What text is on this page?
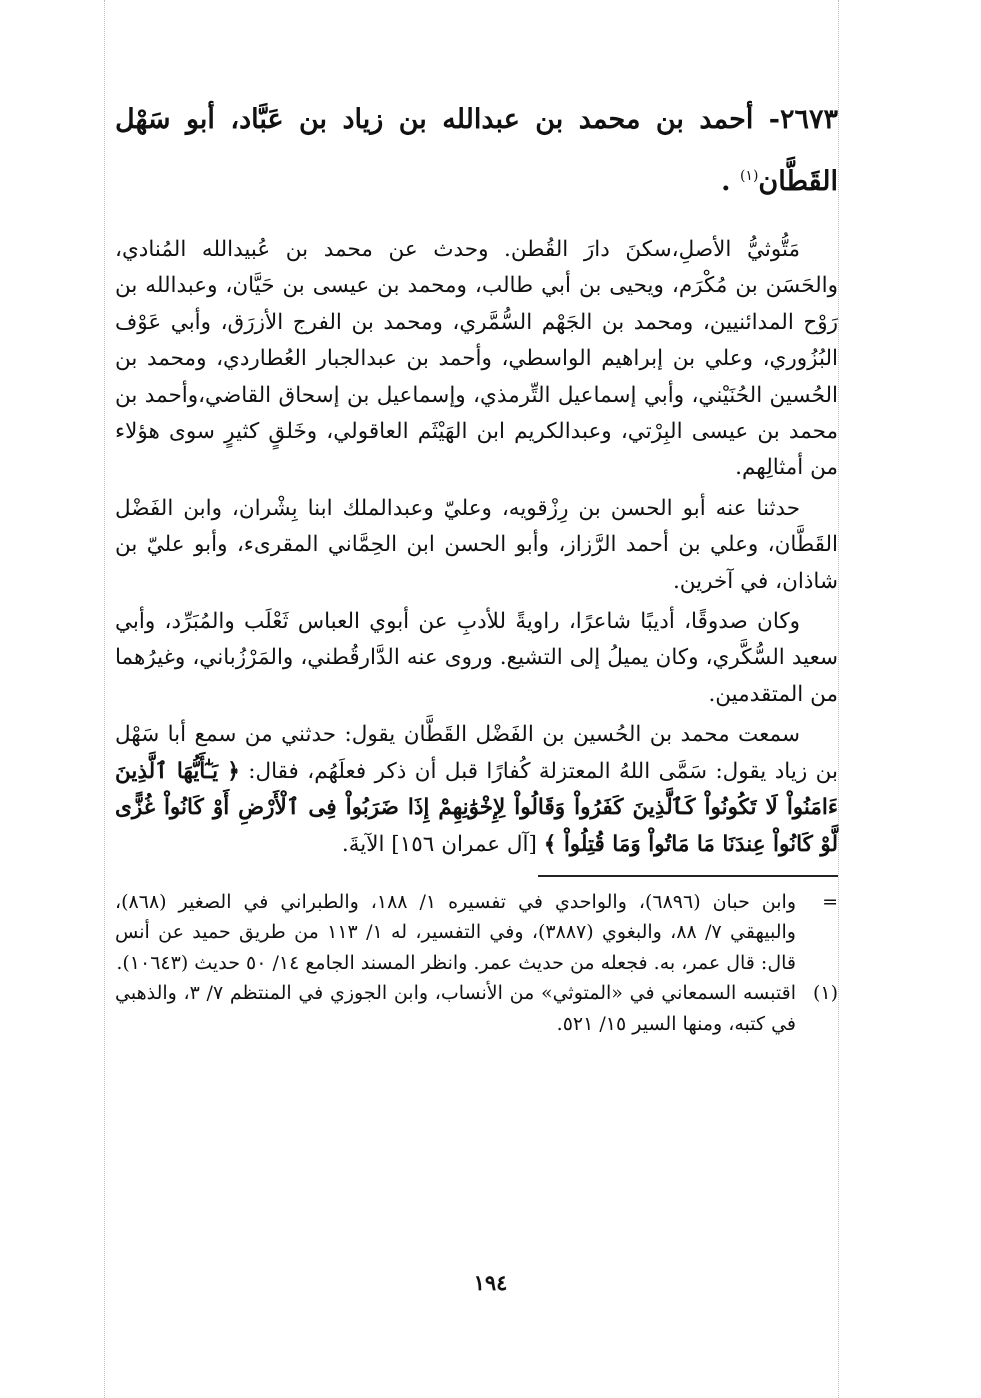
٢٦٧٣- أحمد بن محمد بن عبدالله بن زياد بن عَبَّاد، أبو سَهْل القَطَّان$^{(١)}$ .

مَتُّوثيُّ الأصلِ،سكنَ دارَ القُطن. وحدث عن محمد بن عُبيدالله المُنادي، والحَسَن بن مُكْرَم، ويحيى بن أبي طالب، ومحمد بن عيسى بن حَيَّان، وعبدالله بن رَوْح المدائنيين، ومحمد بن الجَهْم السُّمَّري، ومحمد بن الفرج الأزرَق، وأبي عَوْف البُزُوري، وعلي بن إبراهيم الواسطي، وأحمد بن عبدالجبار العُطاردي، ومحمد بن الحُسين الحُنَيْني، وأبي إسماعيل التِّرمذي، وإسماعيل بن إسحاق القاضي،وأحمد بن محمد بن عيسى البِرْتي، وعبدالكريم ابن الهَيْثَم العاقولي، وخَلقٍ كثيرٍ سوى هؤلاء من أمثالِهم.

حدثنا عنه أبو الحسن بن رِزْقويه، وعليّ وعبدالملك ابنا بِشْران، وابن الفَضْل القَطَّان، وعلي بن أحمد الرَّزاز، وأبو الحسن ابن الحِمَّاني المقرىء، وأبو عليّ بن شاذان، في آخرين.

وكان صدوقًا، أديبًا شاعرًا، راويةً للأدبِ عن أبوي العباس ثَعْلَب والمُبَرِّد، وأبي سعيد السُّكَّري، وكان يميلُ إلى التشيع. وروى عنه الدَّارقُطني، والمَرْزُباني، وغيرُهما من المتقدمين.

سمعت محمد بن الحُسين بن الفَضْل القَطَّان يقول: حدثني من سمع أبا سَهْل بن زياد يقول: سَمَّى اللهُ المعتزلة كُفارًا قبل أن ذكر فعلَهُم، فقال: ﴿ يَـٰٓأَيُّهَا ٱلَّذِينَ ءَامَنُواْ لَا تَكُونُواْ كَٱلَّذِينَ كَفَرُواْ وَقَالُواْ لِإِخْوَٰنِهِمْ إِذَا ضَرَبُواْ فِى ٱلْأَرْضِ أَوْ كَانُواْ غُزًّى لَّوْ كَانُواْ عِندَنَا مَا مَاتُواْ وَمَا قُتِلُواْ ﴾ [آل عمران ١٥٦] الآيةَ.

=
وابن حبان (٦٨٩٦)، والواحدي في تفسيره ١/ ١٨٨، والطبراني في الصغير (٨٦٨)، والبيهقي ٧/ ٨٨، والبغوي (٣٨٨٧)، وفي التفسير، له ١/ ١١٣ من طريق حميد عن أنس قال: قال عمر، به. فجعله من حديث عمر. وانظر المسند الجامع ١٤/ ٥٠ حديث (١٠٦٤٣).

(١)
اقتبسه السمعاني في «المتوثي» من الأنساب، وابن الجوزي في المنتظم ٧/ ٣، والذهبي في كتبه، ومنها السير ١٥/ ٥٢١.

١٩٤
